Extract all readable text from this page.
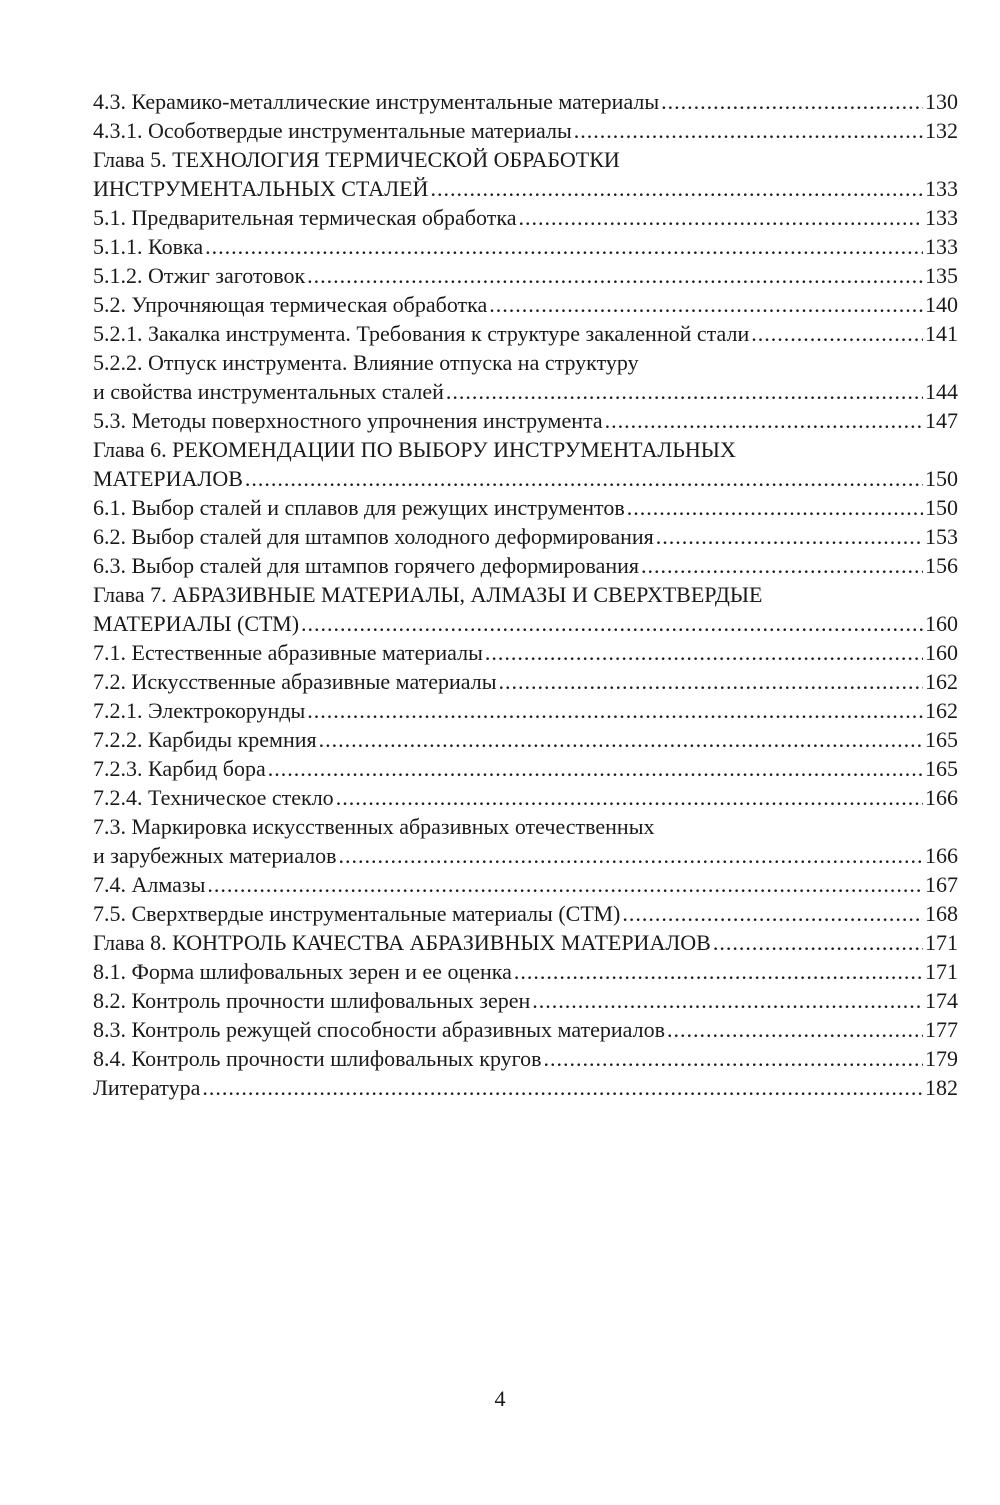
4.3. Керамико-металлические инструментальные материалы .....	130
4.3.1. Особотвердые инструментальные материалы .....	132
Глава 5. ТЕХНОЛОГИЯ ТЕРМИЧЕСКОЙ ОБРАБОТКИ
ИНСТРУМЕНТАЛЬНЫХ СТАЛЕЙ .....	133
5.1. Предварительная термическая обработка .....	133
5.1.1. Ковка .....	133
5.1.2. Отжиг заготовок .....	135
5.2. Упрочняющая термическая обработка .....	140
5.2.1. Закалка инструмента. Требования к структуре закаленной стали .....	141
5.2.2. Отпуск инструмента. Влияние отпуска на структуру
и свойства инструментальных сталей .....	144
5.3. Методы поверхностного упрочнения инструмента .....	147
Глава 6. РЕКОМЕНДАЦИИ ПО ВЫБОРУ ИНСТРУМЕНТАЛЬНЫХ
МАТЕРИАЛОВ .....	150
6.1. Выбор сталей и сплавов для режущих инструментов .....	150
6.2. Выбор сталей для штампов холодного деформирования .....	153
6.3. Выбор сталей для штампов горячего деформирования .....	156
Глава 7. АБРАЗИВНЫЕ МАТЕРИАЛЫ, АЛМАЗЫ И СВЕРХТВЕРДЫЕ
МАТЕРИАЛЫ (СТМ) .....	160
7.1. Естественные абразивные материалы .....	160
7.2. Искусственные абразивные материалы .....	162
7.2.1. Электрокорунды .....	162
7.2.2. Карбиды кремния .....	165
7.2.3. Карбид бора .....	165
7.2.4. Техническое стекло .....	166
7.3. Маркировка искусственных абразивных отечественных
и зарубежных материалов .....	166
7.4. Алмазы .....	167
7.5. Сверхтвердые инструментальные материалы (СТМ) .....	168
Глава 8. КОНТРОЛЬ КАЧЕСТВА АБРАЗИВНЫХ МАТЕРИАЛОВ .....	171
8.1. Форма шлифовальных зерен и ее оценка .....	171
8.2. Контроль прочности шлифовальных зерен .....	174
8.3. Контроль режущей способности абразивных материалов .....	177
8.4. Контроль прочности шлифовальных кругов .....	179
Литература .....	182
4
